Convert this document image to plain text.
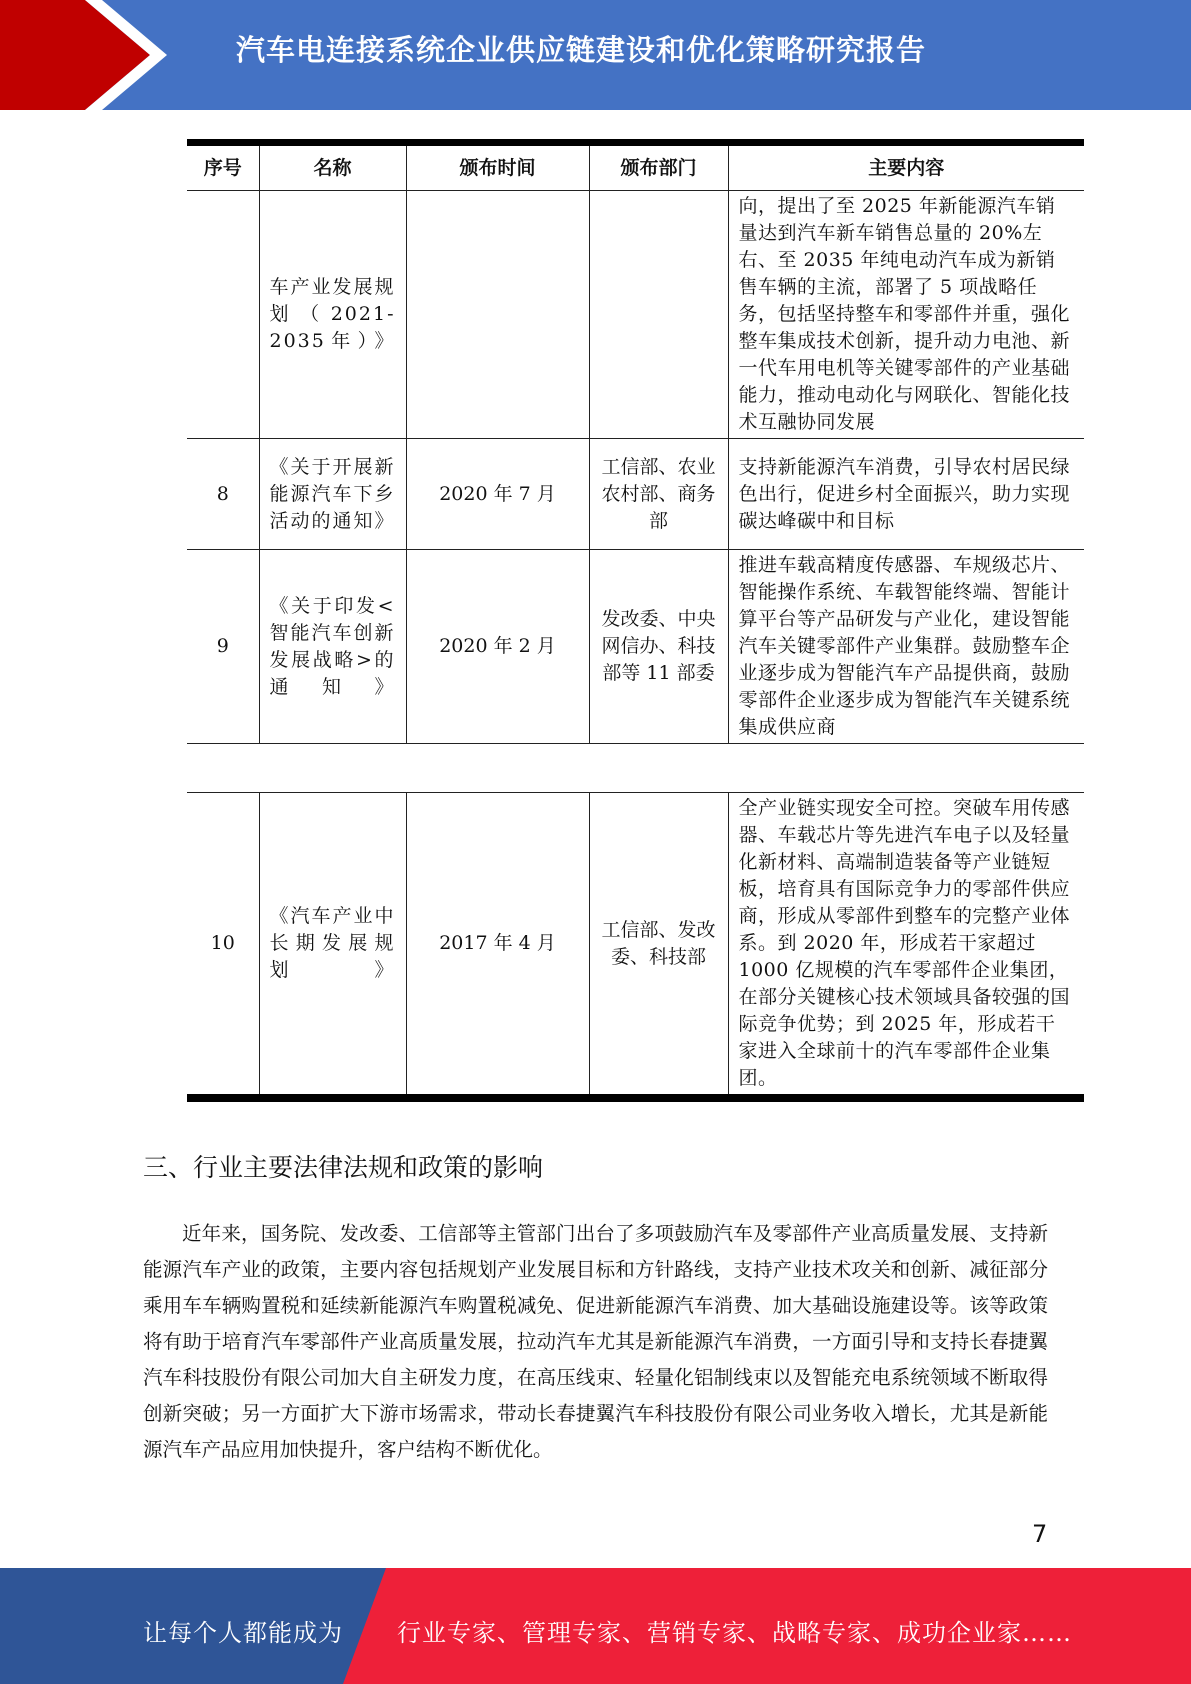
汽车电连接系统企业供应链建设和优化策略研究报告
序号	名称	颁布时间	颁布部门	主要内容
	车产业发展规划（2021-2035年）》			向，提出了至 2025 年新能源汽车销量达到汽车新车销售总量的 20%左右、至 2035 年纯电动汽车成为新销售车辆的主流，部署了 5 项战略任务，包括坚持整车和零部件并重，强化整车集成技术创新，提升动力电池、新一代车用电机等关键零部件的产业基础能力，推动电动化与网联化、智能化技术互融协同发展
8	《关于开展新能源汽车下乡活动的通知》	2020 年 7 月	工信部、农业农村部、商务部	支持新能源汽车消费，引导农村居民绿色出行，促进乡村全面振兴，助力实现碳达峰碳中和目标
9	《关于印发<智能汽车创新发展战略>的通知》	2020 年 2 月	发改委、中央网信办、科技部等 11 部委	推进车载高精度传感器、车规级芯片、智能操作系统、车载智能终端、智能计算平台等产品研发与产业化，建设智能汽车关键零部件产业集群。鼓励整车企业逐步成为智能汽车产品提供商，鼓励零部件企业逐步成为智能汽车关键系统集成供应商
10	《汽车产业中长期发展规划》	2017 年 4 月	工信部、发改委、科技部	全产业链实现安全可控。突破车用传感器、车载芯片等先进汽车电子以及轻量化新材料、高端制造装备等产业链短板，培育具有国际竞争力的零部件供应商，形成从零部件到整车的完整产业体系。到 2020 年，形成若干家超过 1000 亿规模的汽车零部件企业集团，在部分关键核心技术领域具备较强的国际竞争优势；到 2025 年，形成若干家进入全球前十的汽车零部件企业集团。
三、行业主要法律法规和政策的影响
近年来，国务院、发改委、工信部等主管部门出台了多项鼓励汽车及零部件产业高质量发展、支持新能源汽车产业的政策，主要内容包括规划产业发展目标和方针路线，支持产业技术攻关和创新、减征部分乘用车车辆购置税和延续新能源汽车购置税减免、促进新能源汽车消费、加大基础设施建设等。该等政策将有助于培育汽车零部件产业高质量发展，拉动汽车尤其是新能源汽车消费，一方面引导和支持长春捷翼汽车科技股份有限公司加大自主研发力度，在高压线束、轻量化铝制线束以及智能充电系统领域不断取得创新突破；另一方面扩大下游市场需求，带动长春捷翼汽车科技股份有限公司业务收入增长，尤其是新能源汽车产品应用加快提升，客户结构不断优化。
7
让每个人都能成为 行业专家、管理专家、营销专家、战略专家、成功企业家……
